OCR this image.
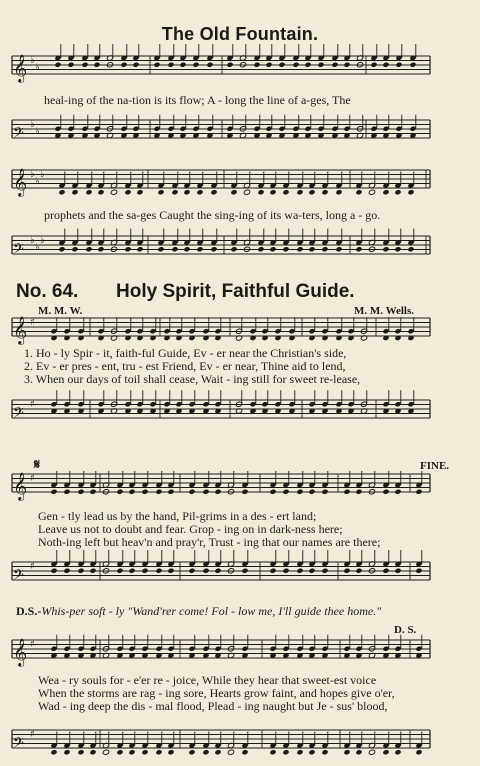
The Old Fountain.
No. 64. Holy Spirit, Faithful Guide.
M. M. W.	M. M. Wells.
𝄞 ♭
♭
𝄢
♭
♭
𝄞 ♭
♭
♭
𝄢
♭
♭
♭
𝄞 ♯
𝄢
♯
𝄞 ♯
𝄢
♯
𝄞 ♯
𝄢
♯
heal-ing of the na-tion is its flow; A - long the line of a-ges, The
prophets and the sa-ges Caught the sing-ing of its wa-ters, long a - go.
1. Ho - ly Spir - it, faith-ful Guide, Ev - er near the Christian's side,
2. Ev - er pres - ent, tru - est Friend, Ev - er near, Thine aid to lend,
3. When our days of toil shall cease, Wait - ing still for sweet re-lease,
𝄋	FINE.
Gen - tly lead us by the hand, Pil-grims in a des - ert land;
Leave us not to doubt and fear. Grop - ing on in dark-ness here;
Noth-ing left but heav'n and pray'r, Trust - ing that our names are there;
D.S.-Whis-per soft - ly "Wand'rer come! Fol - low me, I'll guide thee home."
D. S.
Wea - ry souls for - e'er re - joice, While they hear that sweet-est voice
When the storms are rag - ing sore, Hearts grow faint, and hopes give o'er,
Wad - ing deep the dis - mal flood, Plead - ing naught but Je - sus' blood,
